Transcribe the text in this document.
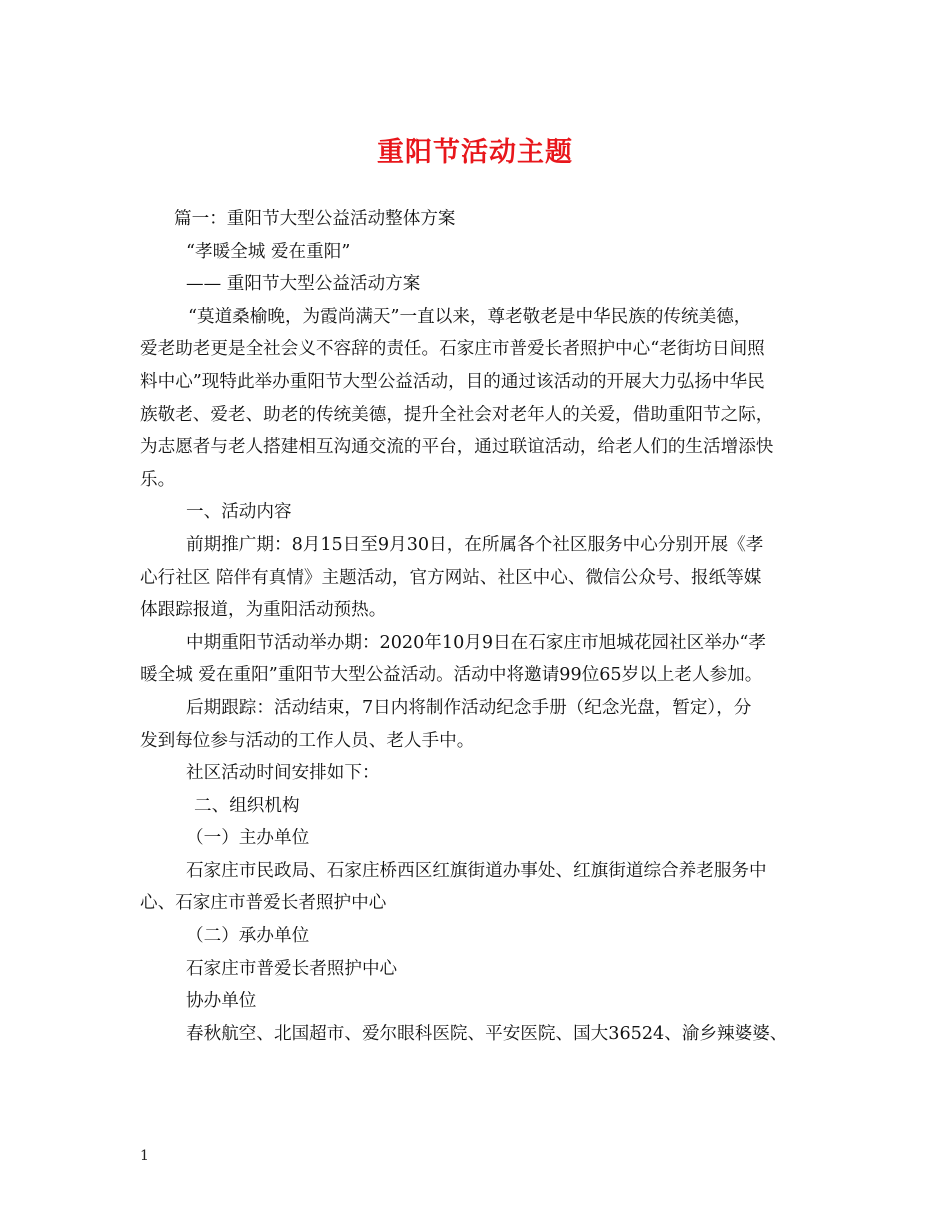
重阳节活动主题

篇一：重阳节大型公益活动整体方案

“孝暖全城 爱在重阳”

—— 重阳节大型公益活动方案

“莫道桑榆晚，为霞尚满天”一直以来，尊老敬老是中华民族的传统美德，

爱老助老更是全社会义不容辞的责任。石家庄市普爱长者照护中心“老街坊日间照

料中心”现特此举办重阳节大型公益活动，目的通过该活动的开展大力弘扬中华民

族敬老、爱老、助老的传统美德，提升全社会对老年人的关爱，借助重阳节之际，

为志愿者与老人搭建相互沟通交流的平台，通过联谊活动，给老人们的生活增添快

乐。

一、活动内容

前期推广期：8月15日至9月30日，在所属各个社区服务中心分别开展《孝

心行社区 陪伴有真情》主题活动，官方网站、社区中心、微信公众号、报纸等媒

体跟踪报道，为重阳活动预热。

中期重阳节活动举办期：2020年10月9日在石家庄市旭城花园社区举办“孝

暖全城 爱在重阳”重阳节大型公益活动。活动中将邀请99位65岁以上老人参加。

后期跟踪：活动结束，7日内将制作活动纪念手册（纪念光盘，暂定），分

发到每位参与活动的工作人员、老人手中。

社区活动时间安排如下：

二、组织机构

（一）主办单位

石家庄市民政局、石家庄桥西区红旗街道办事处、红旗街道综合养老服务中

心、石家庄市普爱长者照护中心

（二）承办单位

石家庄市普爱长者照护中心

协办单位

春秋航空、北国超市、爱尔眼科医院、平安医院、国大36524、渝乡辣婆婆、

1
